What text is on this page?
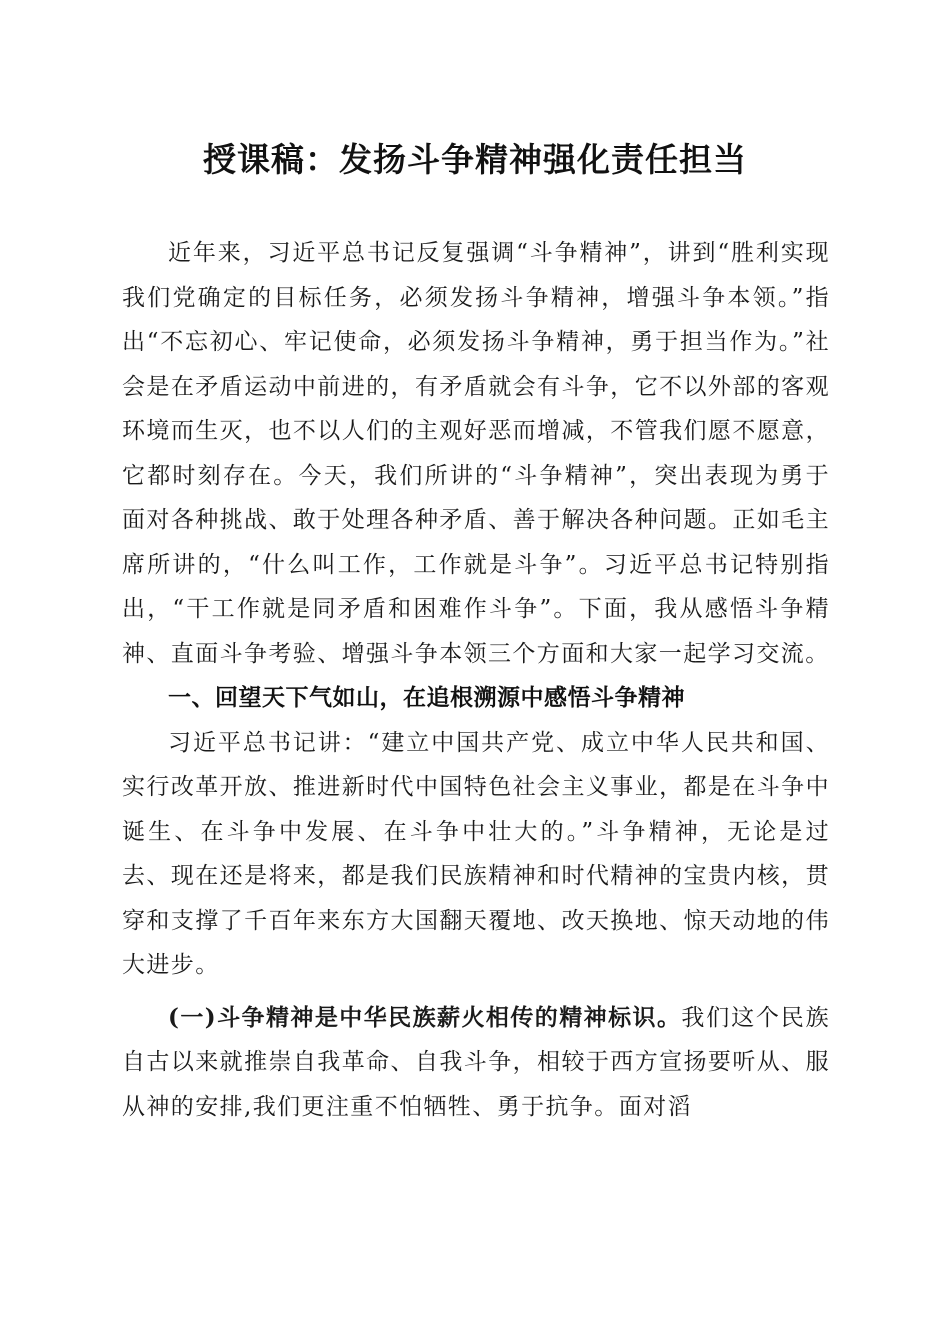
授课稿：发扬斗争精神强化责任担当

近年来，习近平总书记反复强调“斗争精神”，讲到“胜利实现我们党确定的目标任务，必须发扬斗争精神，增强斗争本领。”指出“不忘初心、牢记使命，必须发扬斗争精神，勇于担当作为。”社会是在矛盾运动中前进的，有矛盾就会有斗争，它不以外部的客观环境而生灭，也不以人们的主观好恶而增减，不管我们愿不愿意，它都时刻存在。今天，我们所讲的“斗争精神”，突出表现为勇于面对各种挑战、敢于处理各种矛盾、善于解决各种问题。正如毛主席所讲的，“什么叫工作，工作就是斗争”。习近平总书记特别指出，“干工作就是同矛盾和困难作斗争”。下面，我从感悟斗争精神、直面斗争考验、增强斗争本领三个方面和大家一起学习交流。

一、回望天下气如山，在追根溯源中感悟斗争精神

习近平总书记讲：“建立中国共产党、成立中华人民共和国、实行改革开放、推进新时代中国特色社会主义事业，都是在斗争中诞生、在斗争中发展、在斗争中壮大的。”斗争精神，无论是过去、现在还是将来，都是我们民族精神和时代精神的宝贵内核，贯穿和支撑了千百年来东方大国翻天覆地、改天换地、惊天动地的伟大进步。

(一)斗争精神是中华民族薪火相传的精神标识。我们这个民族自古以来就推崇自我革命、自我斗争，相较于西方宣扬要听从、服从神的安排,我们更注重不怕牺牲、勇于抗争。面对滔
